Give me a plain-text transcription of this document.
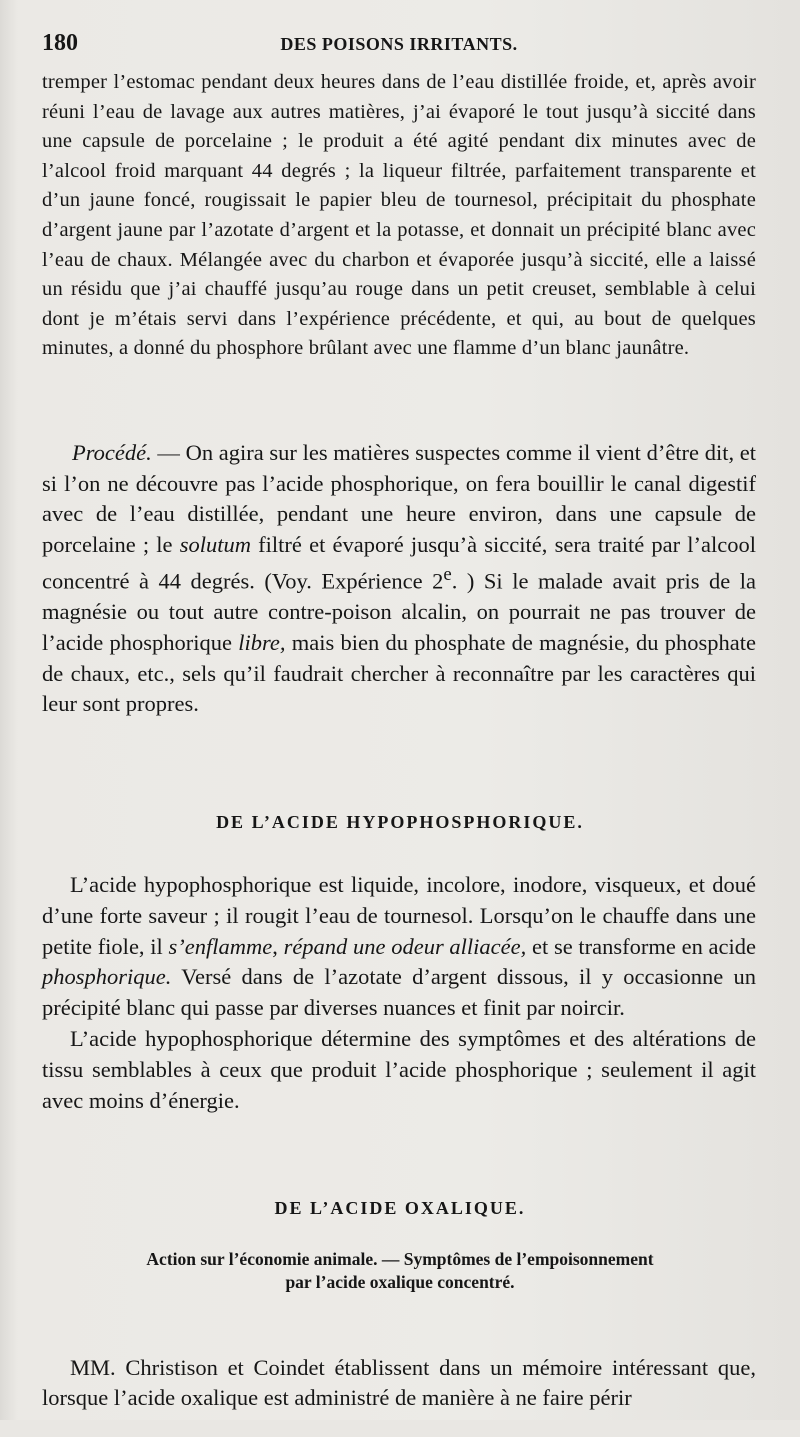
180	DES POISONS IRRITANTS.

tremper l’estomac pendant deux heures dans de l’eau distillée froide, et, après avoir réuni l’eau de lavage aux autres matières, j’ai évaporé le tout jusqu’à siccité dans une capsule de porcelaine ; le produit a été agité pendant dix minutes avec de l’alcool froid marquant 44 degrés ; la liqueur filtrée, parfaitement transparente et d’un jaune foncé, rougissait le papier bleu de tournesol, précipitait du phosphate d’argent jaune par l’azotate d’argent et la potasse, et donnait un précipité blanc avec l’eau de chaux. Mélangée avec du charbon et évaporée jusqu’à siccité, elle a laissé un résidu que j’ai chauffé jusqu’au rouge dans un petit creuset, semblable à celui dont je m’étais servi dans l’expérience précédente, et qui, au bout de quelques minutes, a donné du phosphore brûlant avec une flamme d’un blanc jaunâtre.

Procédé. — On agira sur les matières suspectes comme il vient d’être dit, et si l’on ne découvre pas l’acide phosphorique, on fera bouillir le canal digestif avec de l’eau distillée, pendant une heure environ, dans une capsule de porcelaine ; le solutum filtré et évaporé jusqu’à siccité, sera traité par l’alcool concentré à 44 degrés. (Voy. Expérience 2e. ) Si le malade avait pris de la magnésie ou tout autre contre-poison alcalin, on pourrait ne pas trouver de l’acide phosphorique libre, mais bien du phosphate de magnésie, du phosphate de chaux, etc., sels qu’il faudrait chercher à reconnaître par les caractères qui leur sont propres.

DE L’ACIDE HYPOPHOSPHORIQUE.

L’acide hypophosphorique est liquide, incolore, inodore, visqueux, et doué d’une forte saveur ; il rougit l’eau de tournesol. Lorsqu’on le chauffe dans une petite fiole, il s’enflamme, répand une odeur alliacée, et se transforme en acide phosphorique. Versé dans de l’azotate d’argent dissous, il y occasionne un précipité blanc qui passe par diverses nuances et finit par noircir.

L’acide hypophosphorique détermine des symptômes et des altérations de tissu semblables à ceux que produit l’acide phosphorique ; seulement il agit avec moins d’énergie.

DE L’ACIDE OXALIQUE.
Action sur l’économie animale. — Symptômes de l’empoisonnement
par l’acide oxalique concentré.

MM. Christison et Coindet établissent dans un mémoire intéressant que, lorsque l’acide oxalique est administré de manière à ne faire périr
